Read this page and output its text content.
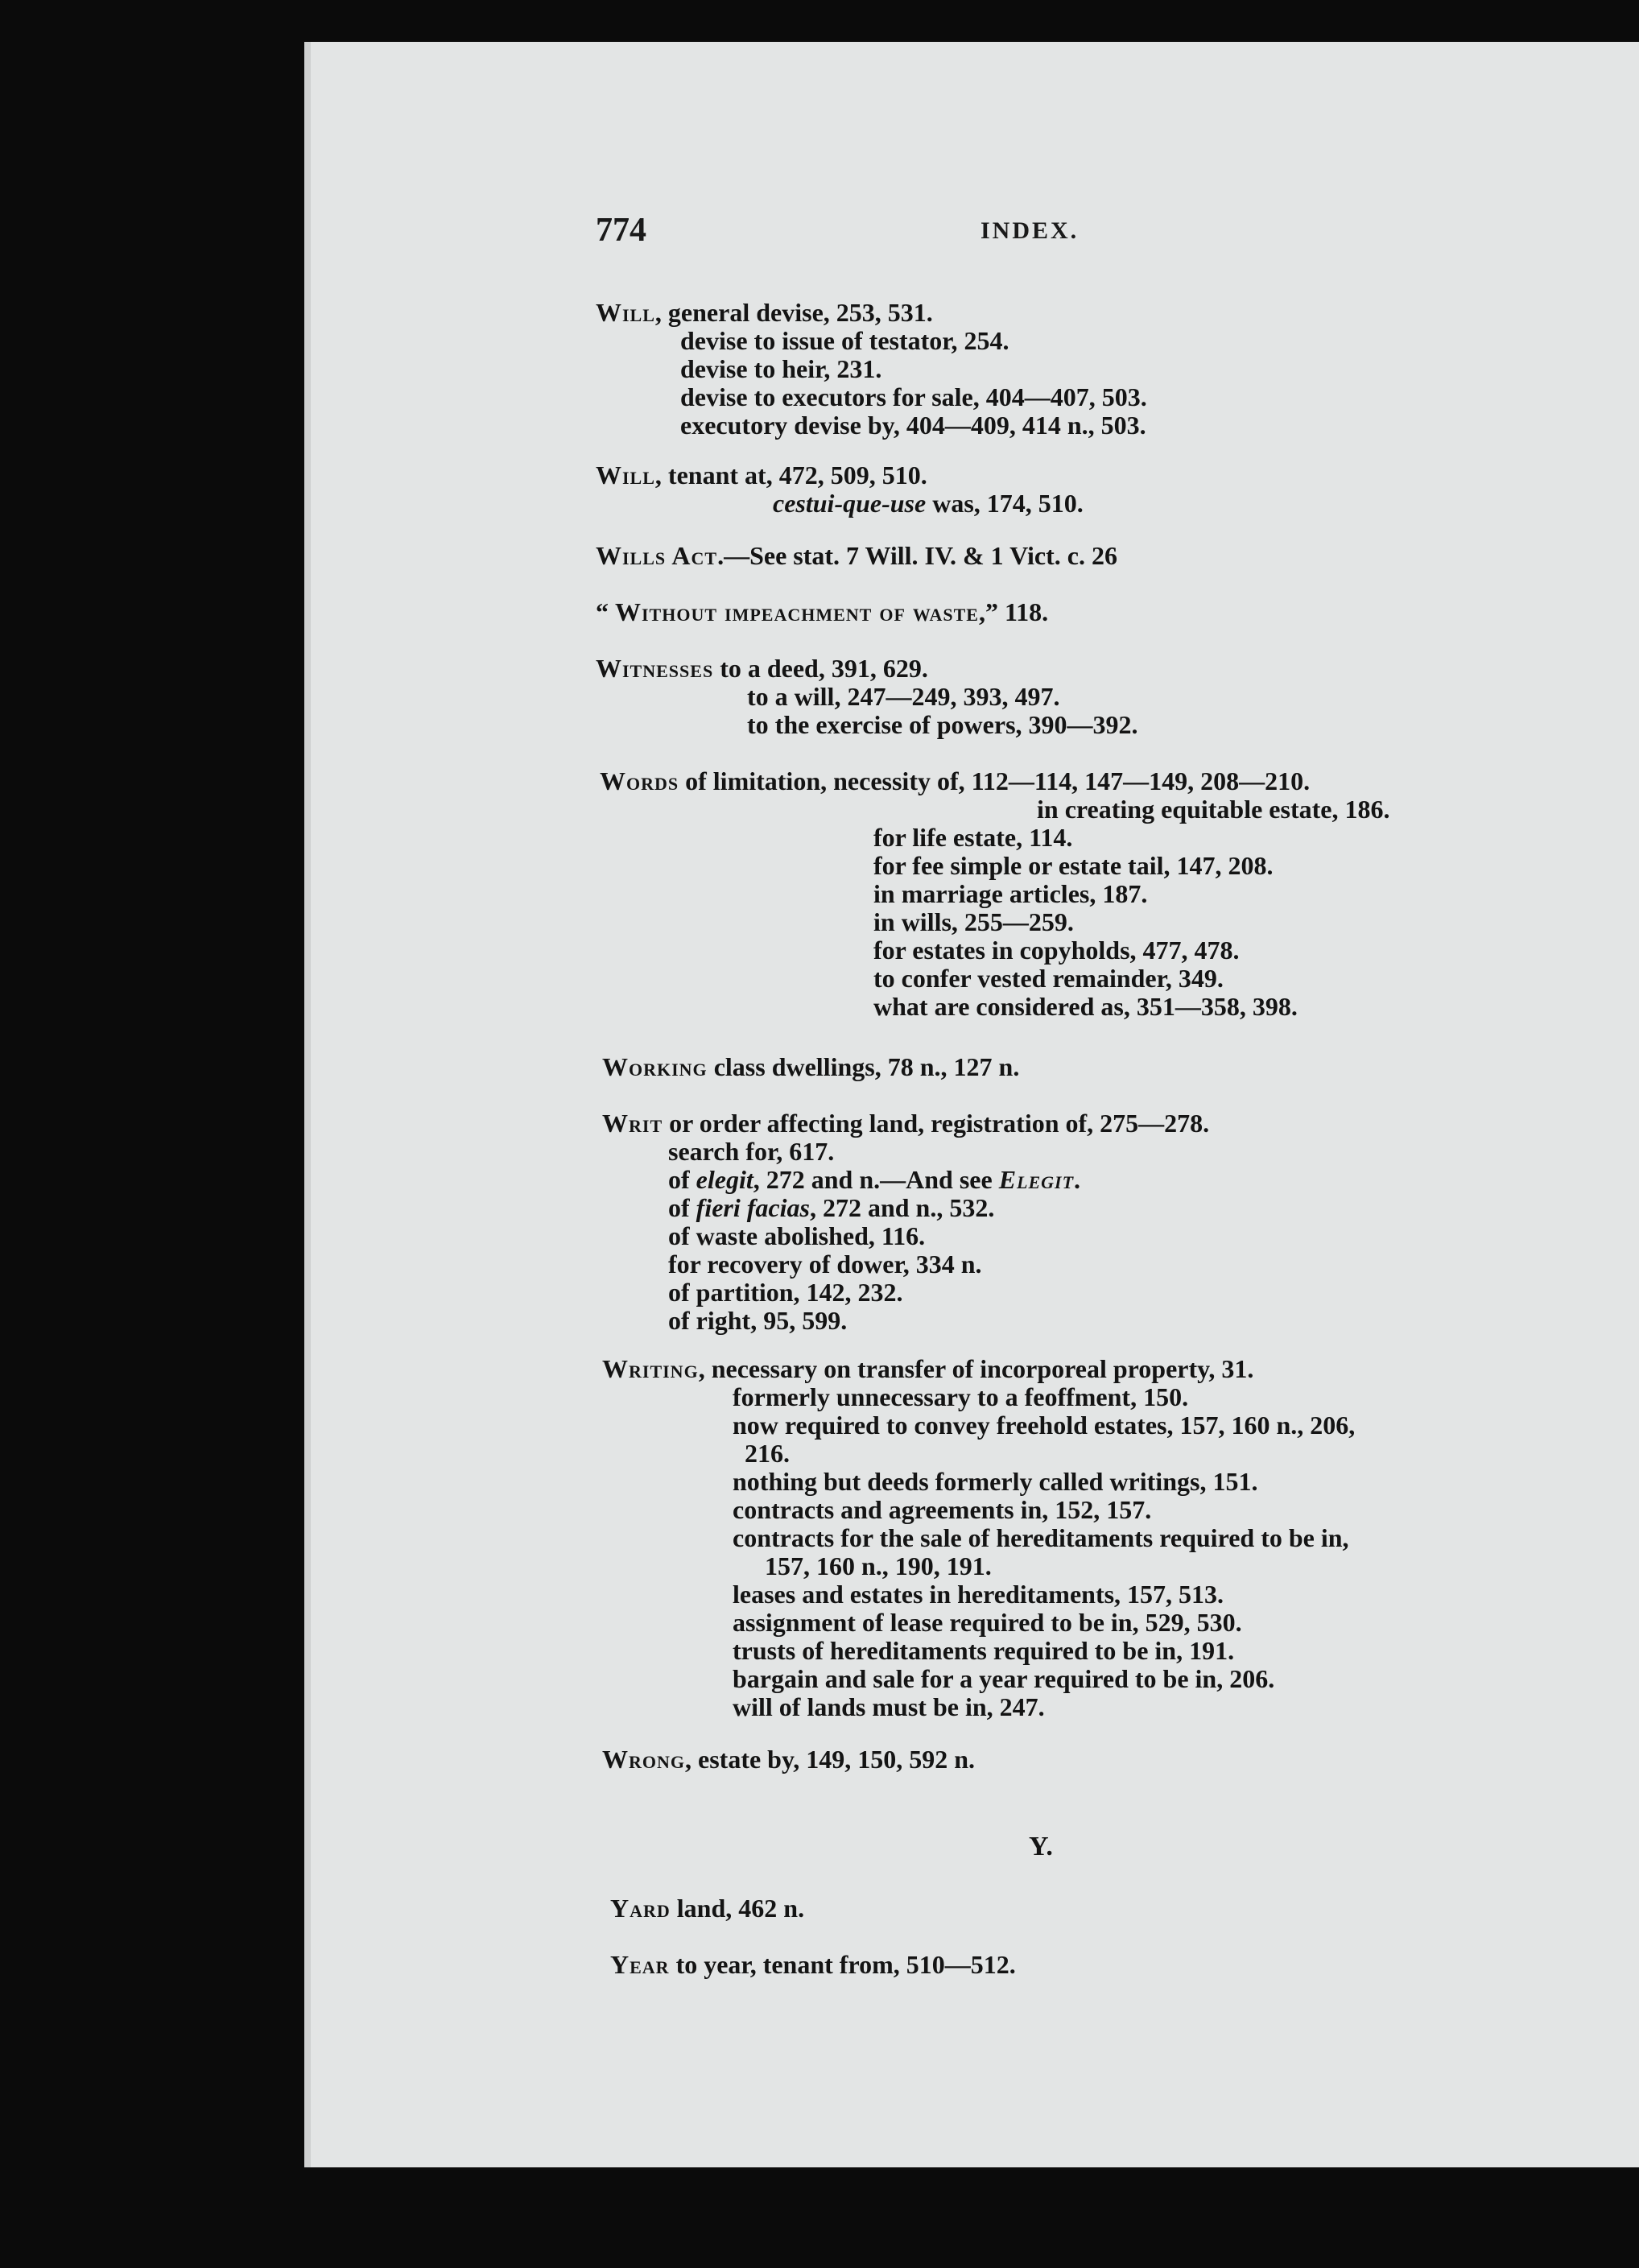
774	INDEX.
Will, general devise, 253, 531.
devise to issue of testator, 254.
devise to heir, 231.
devise to executors for sale, 404—407, 503.
executory devise by, 404—409, 414 n., 503.
Will, tenant at, 472, 509, 510.
cestui-que-use was, 174, 510.
Wills Act.—See stat. 7 Will. IV. & 1 Vict. c. 26
“ Without impeachment of waste,” 118.
Witnesses to a deed, 391, 629.
to a will, 247—249, 393, 497.
to the exercise of powers, 390—392.
Words of limitation, necessity of, 112—114, 147—149, 208—210.
in creating equitable estate, 186.
for life estate, 114.
for fee simple or estate tail, 147, 208.
in marriage articles, 187.
in wills, 255—259.
for estates in copyholds, 477, 478.
to confer vested remainder, 349.
what are considered as, 351—358, 398.
Working class dwellings, 78 n., 127 n.
Writ or order affecting land, registration of, 275—278.
search for, 617.
of elegit, 272 and n.—And see Elegit.
of fieri facias, 272 and n., 532.
of waste abolished, 116.
for recovery of dower, 334 n.
of partition, 142, 232.
of right, 95, 599.
Writing, necessary on transfer of incorporeal property, 31.
formerly unnecessary to a feoffment, 150.
now required to convey freehold estates, 157, 160 n., 206,
216.
nothing but deeds formerly called writings, 151.
contracts and agreements in, 152, 157.
contracts for the sale of hereditaments required to be in,
157, 160 n., 190, 191.
leases and estates in hereditaments, 157, 513.
assignment of lease required to be in, 529, 530.
trusts of hereditaments required to be in, 191.
bargain and sale for a year required to be in, 206.
will of lands must be in, 247.
Wrong, estate by, 149, 150, 592 n.
Yard land, 462 n.
Year to year, tenant from, 510—512.
Y.
